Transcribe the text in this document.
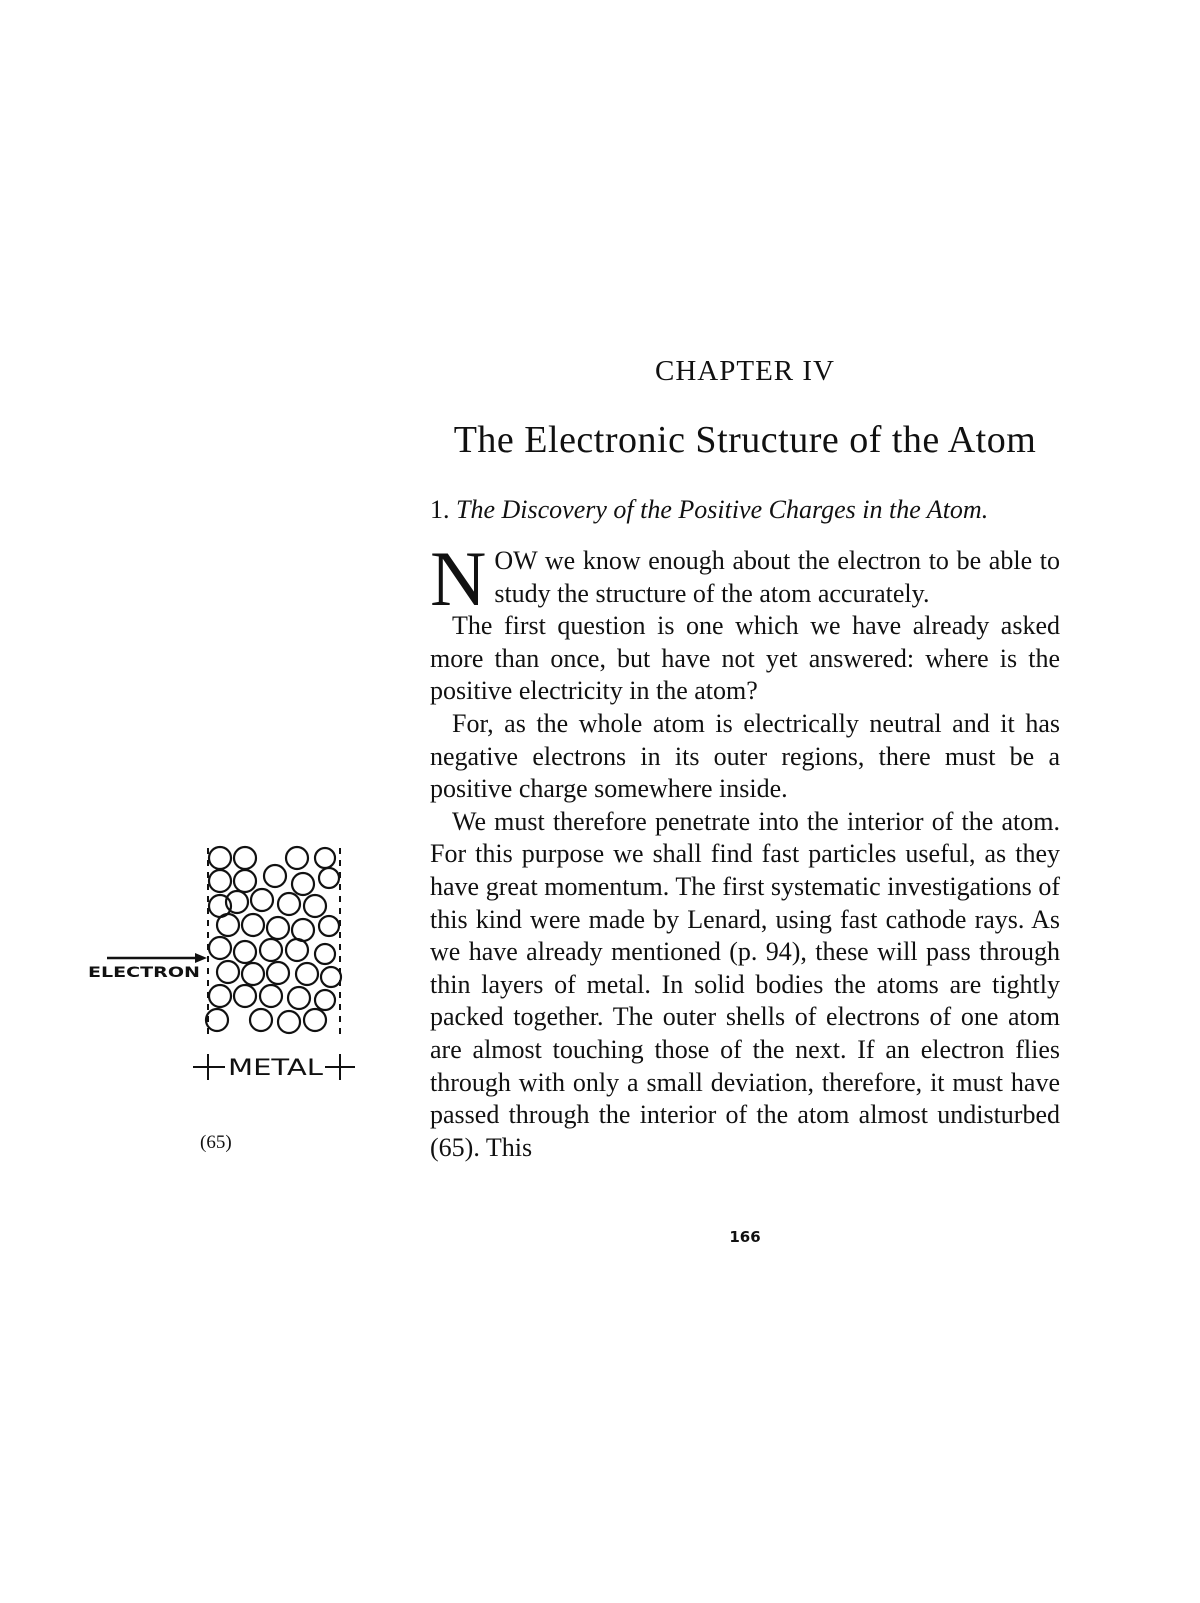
CHAPTER IV
The Electronic Structure of the Atom
1. The Discovery of the Positive Charges in the Atom.

NOW we know enough about the electron to be able to study the structure of the atom accurately.

The first question is one which we have already asked more than once, but have not yet answered: where is the positive electricity in the atom?

For, as the whole atom is electrically neutral and it has negative electrons in its outer regions, there must be a positive charge somewhere inside.

We must therefore penetrate into the interior of the atom. For this purpose we shall find fast particles useful, as they have great momentum. The first systematic investigations of this kind were made by Lenard, using fast cathode rays. As we have already mentioned (p. 94), these will pass through thin layers of metal. In solid bodies the atoms are tightly packed together. The outer shells of electrons of one atom are almost touching those of the next. If an electron flies through with only a small deviation, therefore, it must have passed through the interior of the atom almost undisturbed (65). This

ELECTRON
METAL
(65)
166
